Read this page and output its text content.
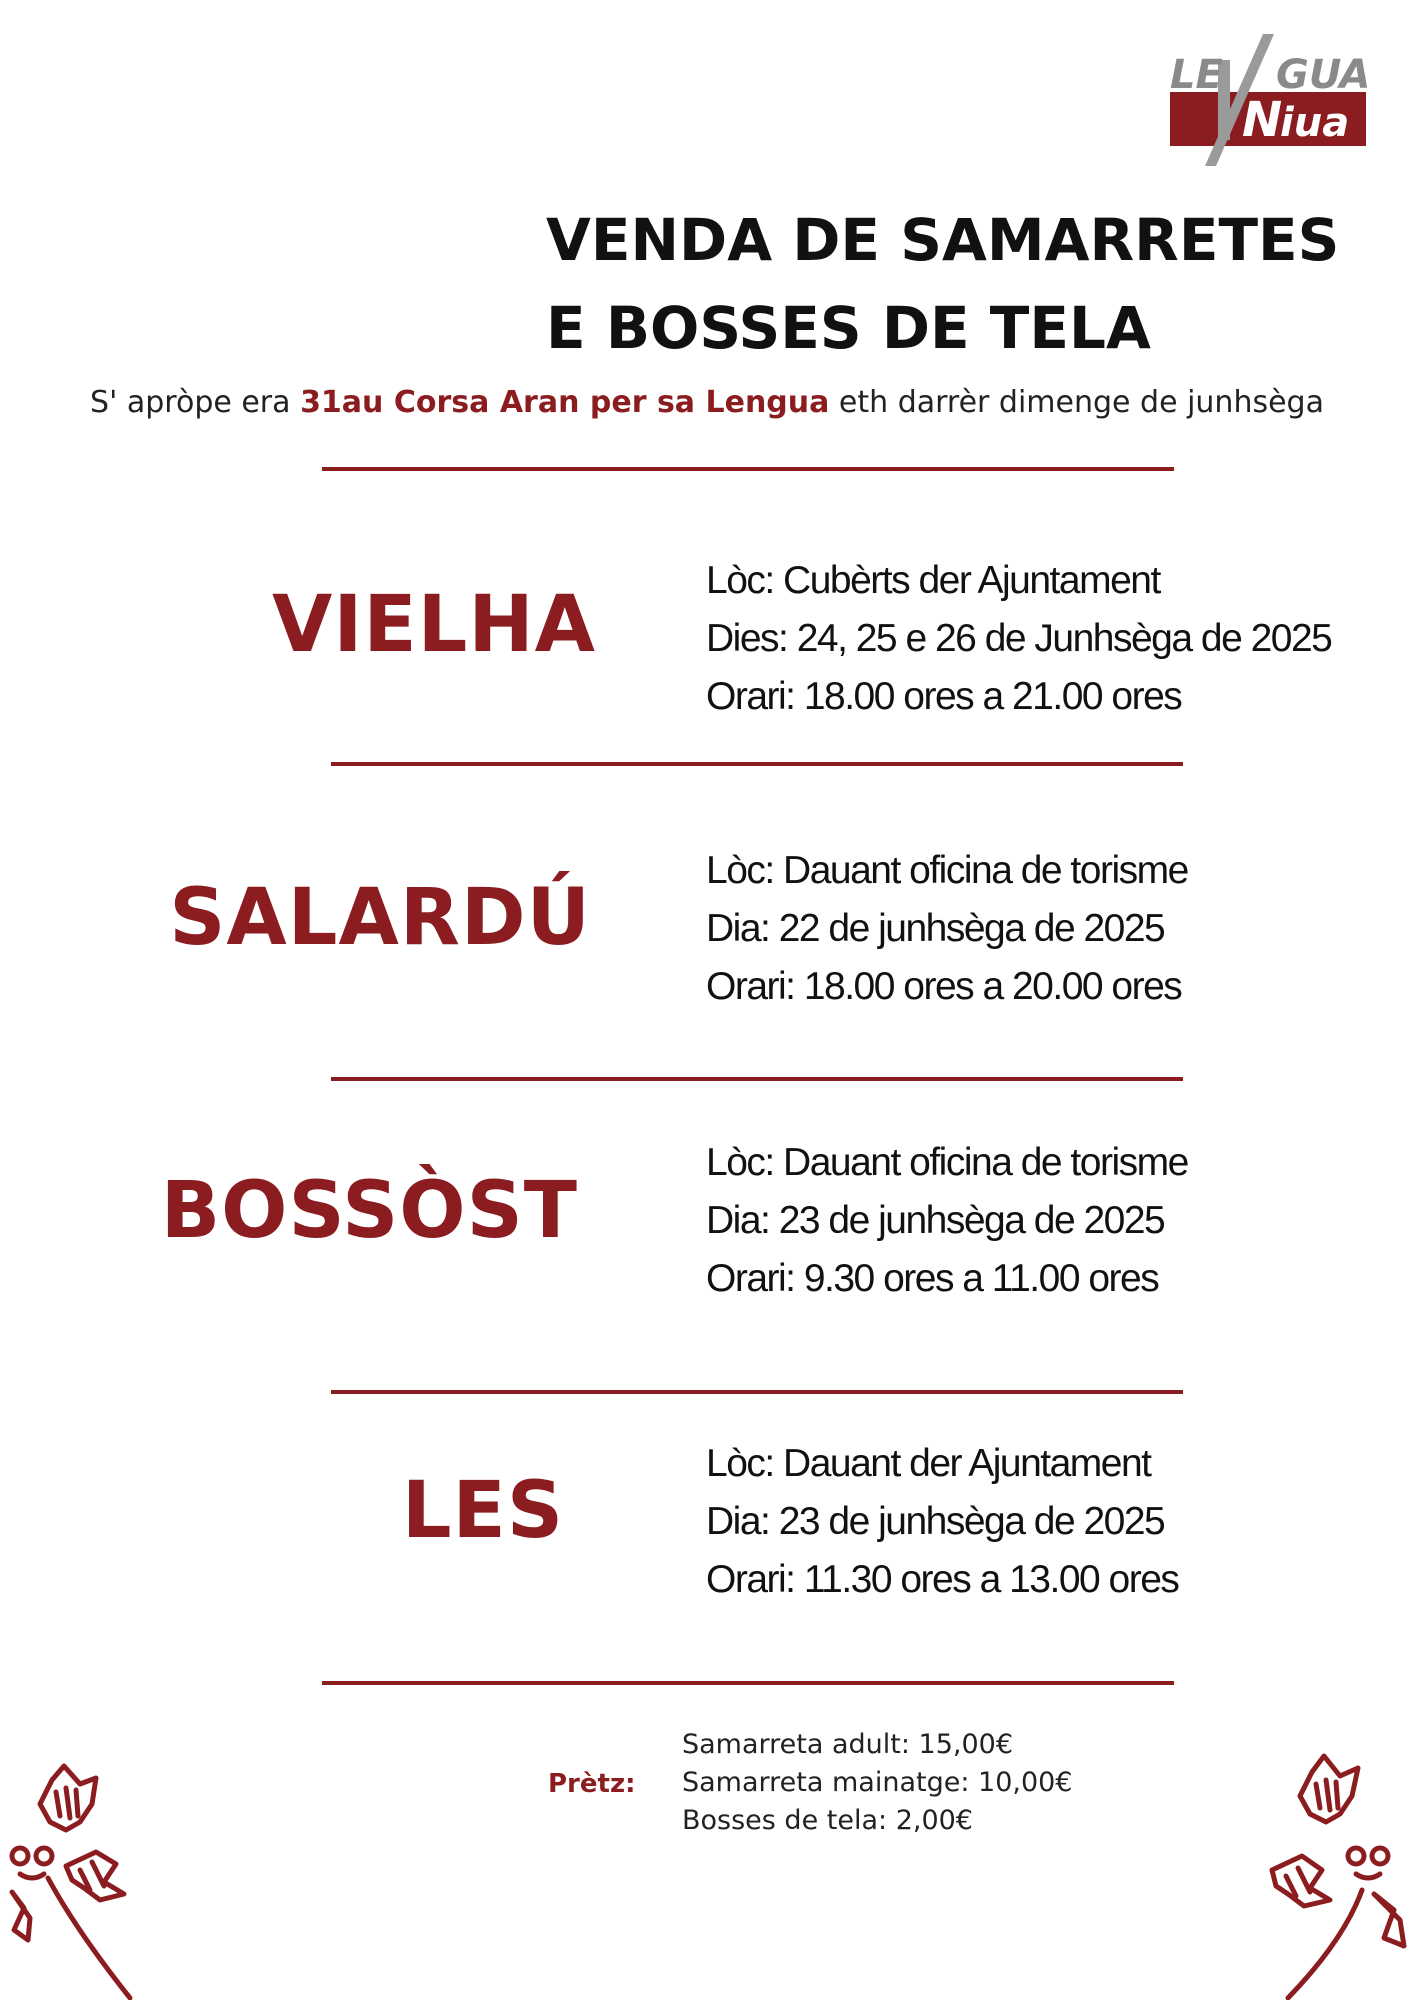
LE GUA
N
iua
VENDA DE SAMARRETES
E BOSSES DE TELA
S' apròpe era 31au Corsa Aran per sa Lengua eth darrèr dimenge de junhsèga
VIELHA	Lòc: Cubèrts der Ajuntament
Dies: 24, 25 e 26 de Junhsèga de 2025
Orari: 18.00 ores a 21.00 ores
SALARDÚ
Lòc: Dauant oficina de torisme
Dia: 22 de junhsèga de 2025
Orari: 18.00 ores a 20.00 ores
BOSSÒST
Lòc: Dauant oficina de torisme
Dia: 23 de junhsèga de 2025
Orari: 9.30 ores a 11.00 ores
LES
Lòc: Dauant der Ajuntament
Dia: 23 de junhsèga de 2025
Orari: 11.30 ores a 13.00 ores
Prètz:
Samarreta adult: 15,00€
Samarreta mainatge: 10,00€
Bosses de tela: 2,00€
